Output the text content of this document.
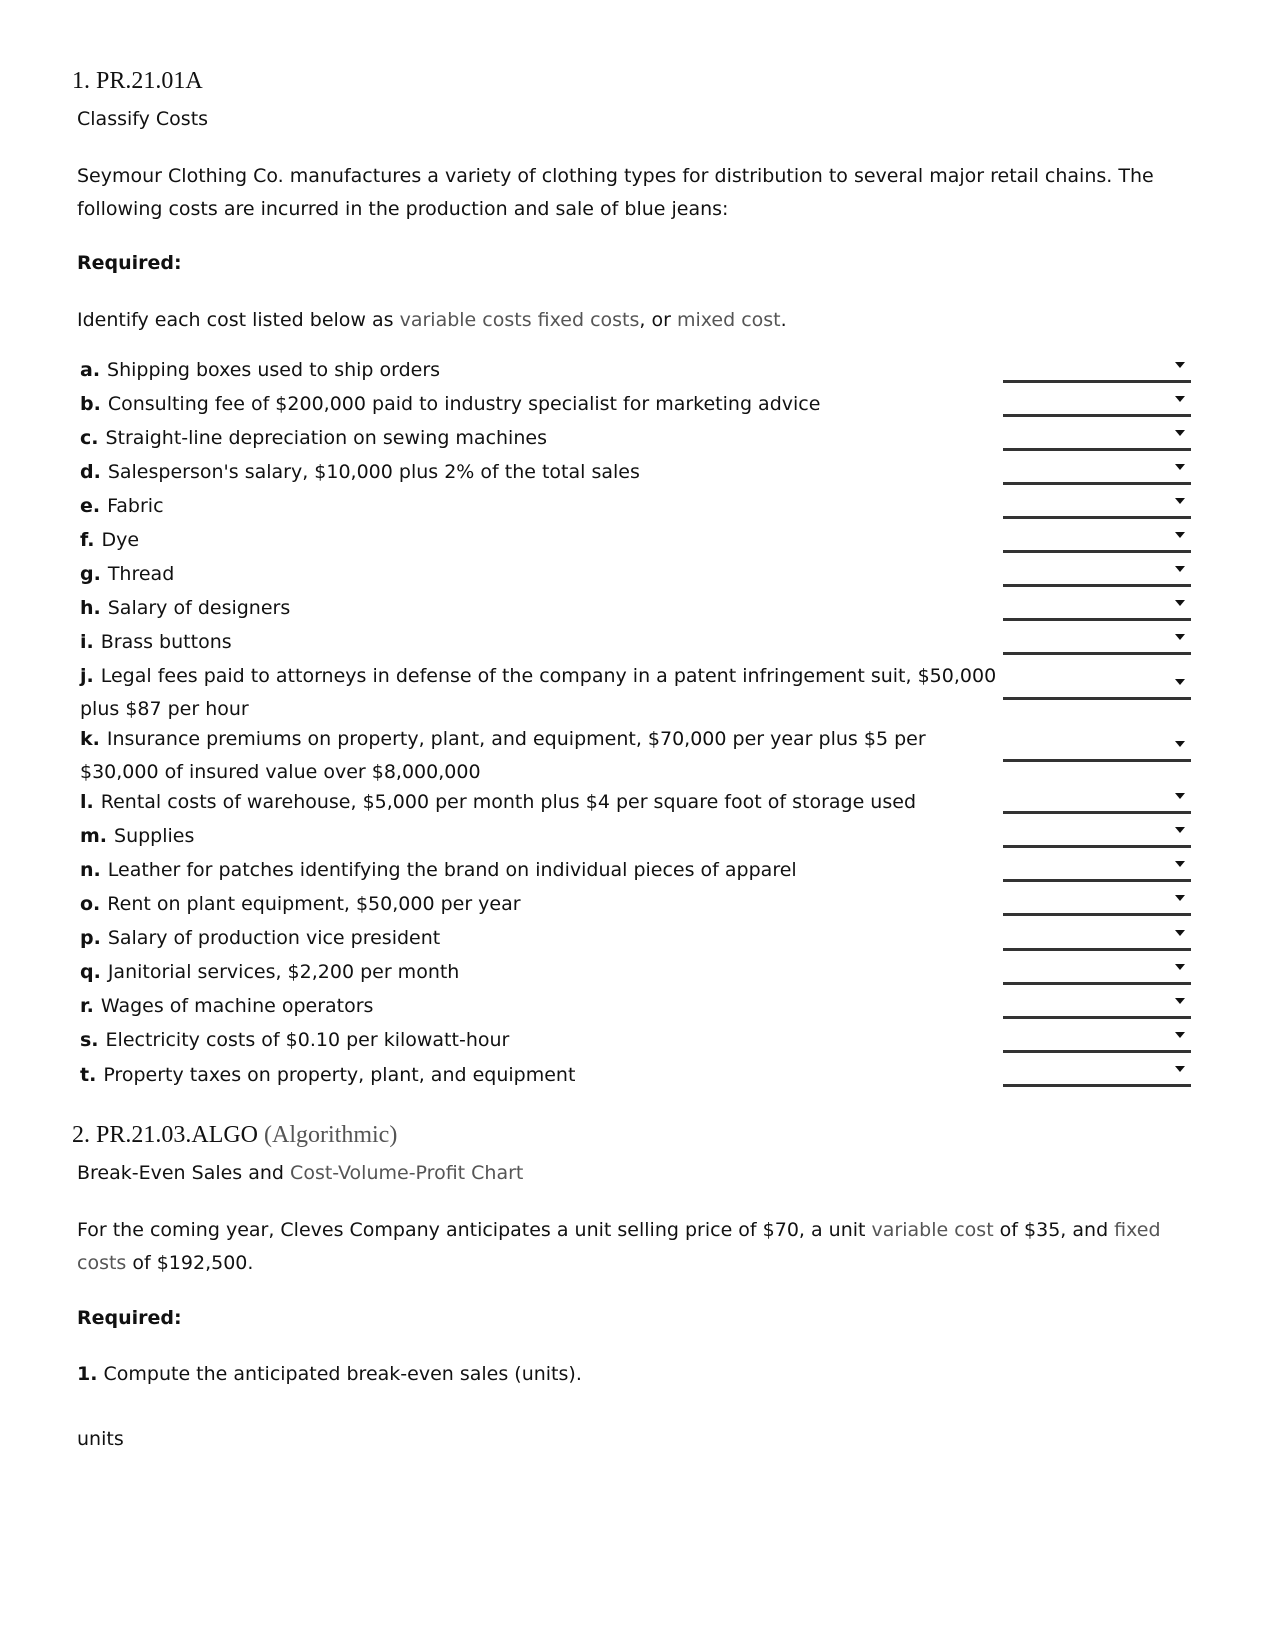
1. PR.21.01A
Classify Costs
Seymour Clothing Co. manufactures a variety of clothing types for distribution to several major retail chains. The following costs are incurred in the production and sale of blue jeans:
Required:
Identify each cost listed below as variable costs fixed costs, or mixed cost.
a. Shipping boxes used to ship orders
b. Consulting fee of $200,000 paid to industry specialist for marketing advice
c. Straight-line depreciation on sewing machines
d. Salesperson's salary, $10,000 plus 2% of the total sales
e. Fabric
f. Dye
g. Thread
h. Salary of designers
i. Brass buttons
j. Legal fees paid to attorneys in defense of the company in a patent infringement suit, $50,000 plus $87 per hour
k. Insurance premiums on property, plant, and equipment, $70,000 per year plus $5 per $30,000 of insured value over $8,000,000
l. Rental costs of warehouse, $5,000 per month plus $4 per square foot of storage used
m. Supplies
n. Leather for patches identifying the brand on individual pieces of apparel
o. Rent on plant equipment, $50,000 per year
p. Salary of production vice president
q. Janitorial services, $2,200 per month
r. Wages of machine operators
s. Electricity costs of $0.10 per kilowatt-hour
t. Property taxes on property, plant, and equipment
2. PR.21.03.ALGO (Algorithmic)
Break-Even Sales and Cost-Volume-Profit Chart
For the coming year, Cleves Company anticipates a unit selling price of $70, a unit variable cost of $35, and fixed costs of $192,500.
Required:
1. Compute the anticipated break-even sales (units).
units
